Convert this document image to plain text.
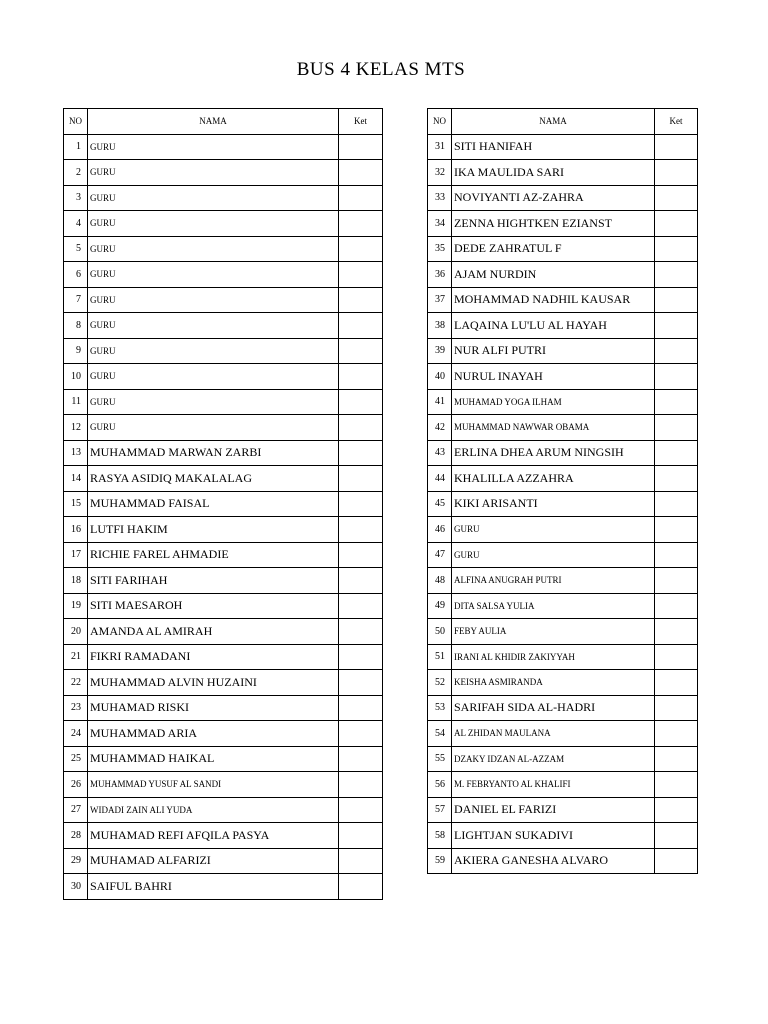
BUS 4 KELAS MTS
NO	NAMA	Ket
1	GURU	
2	GURU	
3	GURU	
4	GURU	
5	GURU	
6	GURU	
7	GURU	
8	GURU	
9	GURU	
10	GURU	
11	GURU	
12	GURU	
13	MUHAMMAD MARWAN ZARBI	
14	RASYA ASIDIQ MAKALALAG	
15	MUHAMMAD FAISAL	
16	LUTFI HAKIM	
17	RICHIE FAREL AHMADIE	
18	SITI FARIHAH	
19	SITI MAESAROH	
20	AMANDA AL AMIRAH	
21	FIKRI RAMADANI	
22	MUHAMMAD ALVIN HUZAINI	
23	MUHAMAD RISKI	
24	MUHAMMAD ARIA	
25	MUHAMMAD HAIKAL	
26	MUHAMMAD YUSUF AL SANDI	
27	WIDADI ZAIN ALI YUDA	
28	MUHAMAD REFI AFQILA PASYA	
29	MUHAMAD ALFARIZI	
30	SAIFUL BAHRI	
NO	NAMA	Ket
31	SITI HANIFAH	
32	IKA MAULIDA SARI	
33	NOVIYANTI AZ-ZAHRA	
34	ZENNA HIGHTKEN EZIANST	
35	DEDE ZAHRATUL F	
36	AJAM NURDIN	
37	MOHAMMAD NADHIL KAUSAR	
38	LAQAINA LU'LU AL HAYAH	
39	NUR ALFI PUTRI	
40	NURUL INAYAH	
41	MUHAMAD YOGA ILHAM	
42	MUHAMMAD NAWWAR OBAMA	
43	ERLINA DHEA ARUM NINGSIH	
44	KHALILLA AZZAHRA	
45	KIKI ARISANTI	
46	GURU	
47	GURU	
48	ALFINA ANUGRAH PUTRI	
49	DITA SALSA YULIA	
50	FEBY AULIA	
51	IRANI AL KHIDIR ZAKIYYAH	
52	KEISHA ASMIRANDA	
53	SARIFAH SIDA AL-HADRI	
54	AL ZHIDAN MAULANA	
55	DZAKY IDZAN AL-AZZAM	
56	M. FEBRYANTO AL KHALIFI	
57	DANIEL EL FARIZI	
58	LIGHTJAN SUKADIVI	
59	AKIERA GANESHA ALVARO	
